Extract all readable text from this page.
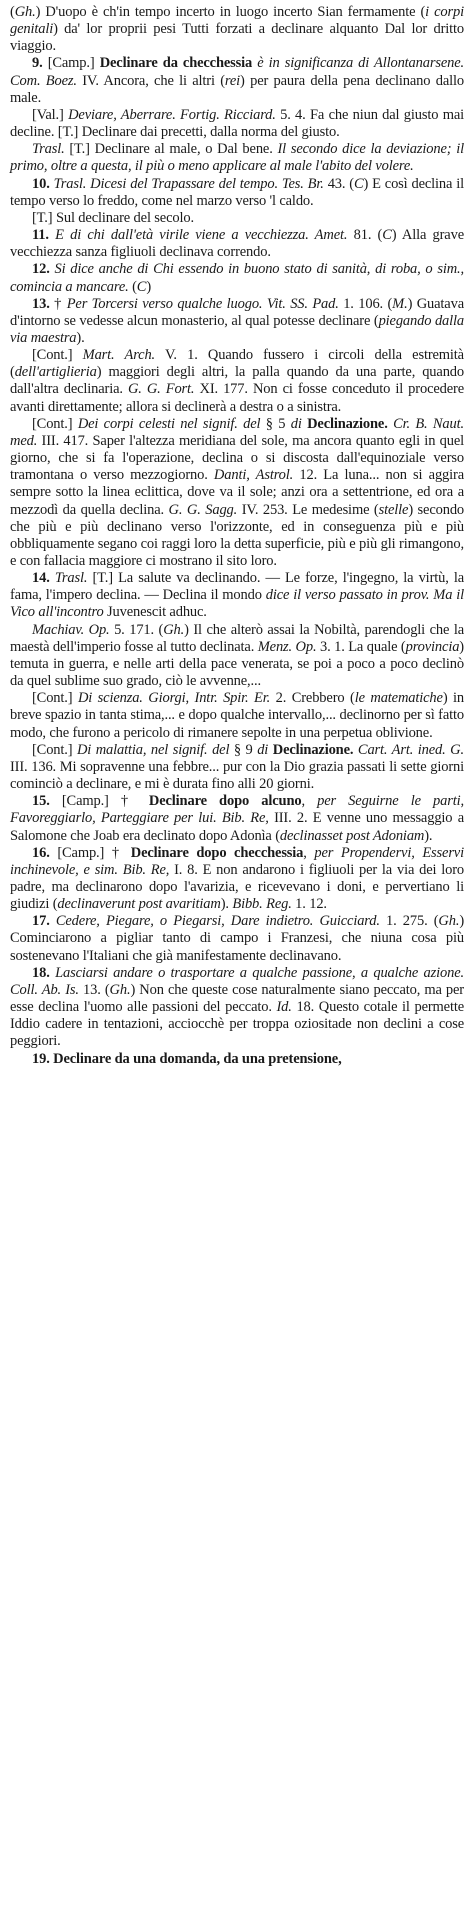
(Gh.) D'uopo è ch'in tempo incerto in luogo incerto Sian fermamente (i corpi genitali) da' lor proprii pesi Tutti forzati a declinare alquanto Dal lor dritto viaggio.

9. [Camp.] Declinare da checchessia è in significanza di Allontanarsene. Com. Boez. IV. Ancora, che li altri (rei) per paura della pena declinano dallo male.

[Val.] Deviare, Aberrare. Fortig. Ricciard. 5. 4. Fa che niun dal giusto mai decline. [T.] Declinare dai precetti, dalla norma del giusto.

Trasl. [T.] Declinare al male, o Dal bene. Il secondo dice la deviazione; il primo, oltre a questa, il più o meno applicare al male l'abito del volere.

10. Trasl. Dicesi del Trapassare del tempo. Tes. Br. 43. (C) E così declina il tempo verso lo freddo, come nel marzo verso 'l caldo.

[T.] Sul declinare del secolo.

11. E di chi dall'età virile viene a vecchiezza. Amet. 81. (C) Alla grave vecchiezza sanza figliuoli declinava correndo.

12. Si dice anche di Chi essendo in buono stato di sanità, di roba, o sim., comincia a mancare. (C)

13. † Per Torcersi verso qualche luogo. Vit. SS. Pad. 1. 106. (M.) Guatava d'intorno se vedesse alcun monasterio, al qual potesse declinare (piegando dalla via maestra).

[Cont.] Mart. Arch. V. 1. Quando fussero i circoli della estremità (dell'artiglieria) maggiori degli altri, la palla quando da una parte, quando dall'altra declinaria. G. G. Fort. XI. 177. Non ci fosse conceduto il procedere avanti direttamente; allora si declinerà a destra o a sinistra.

[Cont.] Dei corpi celesti nel signif. del § 5 di Declinazione. Cr. B. Naut. med. III. 417. Saper l'altezza meridiana del sole, ma ancora quanto egli in quel giorno, che si fa l'operazione, declina o si discosta dall'equinoziale verso tramontana o verso mezzogiorno. Danti, Astrol. 12. La luna... non si aggira sempre sotto la linea eclittica, dove va il sole; anzi ora a settentrione, ed ora a mezzodì da quella declina. G. G. Sagg. IV. 253. Le medesime (stelle) secondo che più e più declinano verso l'orizzonte, ed in conseguenza più e più obbliquamente segano coi raggi loro la detta superficie, più e più gli rimangono, e con fallacia maggiore ci mostrano il sito loro.

14. Trasl. [T.] La salute va declinando. — Le forze, l'ingegno, la virtù, la fama, l'impero declina. — Declina il mondo dice il verso passato in prov. Ma il Vico all'incontro Juvenescit adhuc.

Machiav. Op. 5. 171. (Gh.) Il che alterò assai la Nobiltà, parendogli che la maestà dell'imperio fosse al tutto declinata. Menz. Op. 3. 1. La quale (provincia) temuta in guerra, e nelle arti della pace venerata, se poi a poco a poco declinò da quel sublime suo grado, ciò le avvenne,...

[Cont.] Di scienza. Giorgi, Intr. Spir. Er. 2. Crebbero (le matematiche) in breve spazio in tanta stima,... e dopo qualche intervallo,... declinorno per sì fatto modo, che furono a pericolo di rimanere sepolte in una perpetua oblivione.

[Cont.] Di malattia, nel signif. del § 9 di Declinazione. Cart. Art. ined. G. III. 136. Mi sopravenne una febbre... pur con la Dio grazia passati li sette giorni cominciò a declinare, e mi è durata fino alli 20 giorni.

15. [Camp.] † Declinare dopo alcuno, per Seguirne le parti, Favoreggiarlo, Parteggiare per lui. Bib. Re, III. 2. E venne uno messaggio a Salomone che Joab era declinato dopo Adonìa (declinasset post Adoniam).

16. [Camp.] † Declinare dopo checchessia, per Propendervi, Esservi inchinevole, e sim. Bib. Re, I. 8. E non andarono i figliuoli per la via dei loro padre, ma declinarono dopo l'avarizia, e ricevevano i doni, e pervertiano li giudizi (declinaverunt post avaritiam). Bibb. Reg. 1. 12.

17. Cedere, Piegare, o Piegarsi, Dare indietro. Guicciard. 1. 275. (Gh.) Cominciarono a pigliar tanto di campo i Franzesi, che niuna cosa più sostenevano l'Italiani che già manifestamente declinavano.

18. Lasciarsi andare o trasportare a qualche passione, a qualche azione. Coll. Ab. Is. 13. (Gh.) Non che queste cose naturalmente siano peccato, ma per esse declina l'uomo alle passioni del peccato. Id. 18. Questo cotale il permette Iddio cadere in tentazioni, acciocchè per troppa oziositade non declini a cose peggiori.

19. Declinare da una domanda, da una pretensione,
